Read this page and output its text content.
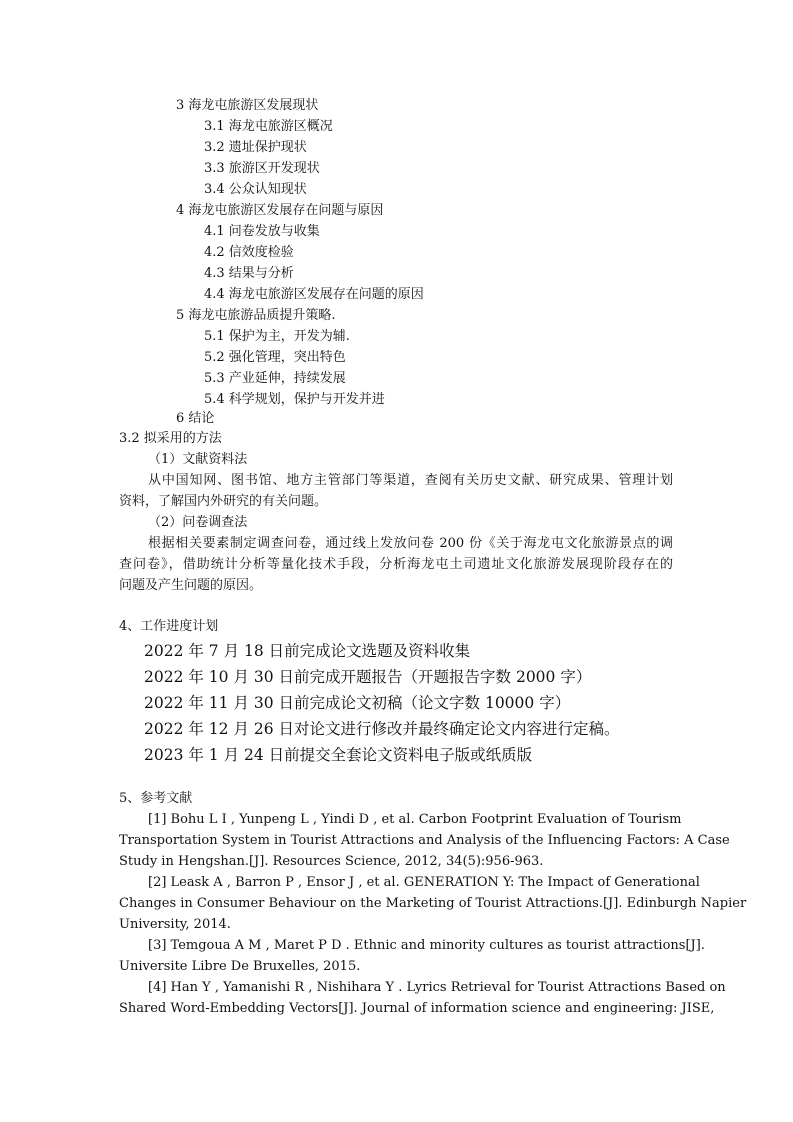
3 海龙屯旅游区发展现状
3.1 海龙屯旅游区概况
3.2 遗址保护现状
3.3 旅游区开发现状
3.4 公众认知现状
4 海龙屯旅游区发展存在问题与原因
4.1 问卷发放与收集
4.2 信效度检验
4.3 结果与分析
4.4 海龙屯旅游区发展存在问题的原因
5 海龙屯旅游品质提升策略.
5.1 保护为主，开发为辅.
5.2 强化管理，突出特色
5.3 产业延伸，持续发展
5.4 科学规划，保护与开发并进
6 结论
3.2 拟采用的方法
（1）文献资料法
从中国知网、图书馆、地方主管部门等渠道，查阅有关历史文献、研究成果、管理计划
资料，了解国内外研究的有关问题。
（2）问卷调查法
根据相关要素制定调查问卷，通过线上发放问卷 200 份《关于海龙屯文化旅游景点的调
查问卷》，借助统计分析等量化技术手段，分析海龙屯土司遗址文化旅游发展现阶段存在的
问题及产生问题的原因。
4、工作进度计划
2022 年 7 月 18 日前完成论文选题及资料收集
2022 年 10 月 30 日前完成开题报告（开题报告字数 2000 字）
2022 年 11 月 30 日前完成论文初稿（论文字数 10000 字）
2022 年 12 月 26 日对论文进行修改并最终确定论文内容进行定稿。
2023 年 1 月 24 日前提交全套论文资料电子版或纸质版
5、参考文献
[1] Bohu L I , Yunpeng L , Yindi D , et al. Carbon Footprint Evaluation of Tourism
Transportation System in Tourist Attractions and Analysis of the Influencing Factors: A Case
Study in Hengshan.[J]. Resources Science, 2012, 34(5):956-963.
[2] Leask A , Barron P , Ensor J , et al. GENERATION Y: The Impact of Generational
Changes in Consumer Behaviour on the Marketing of Tourist Attractions.[J]. Edinburgh Napier
University, 2014.
[3] Temgoua A M , Maret P D . Ethnic and minority cultures as tourist attractions[J].
Universite Libre De Bruxelles, 2015.
[4] Han Y , Yamanishi R , Nishihara Y . Lyrics Retrieval for Tourist Attractions Based on
Shared Word-Embedding Vectors[J]. Journal of information science and engineering: JISE,
